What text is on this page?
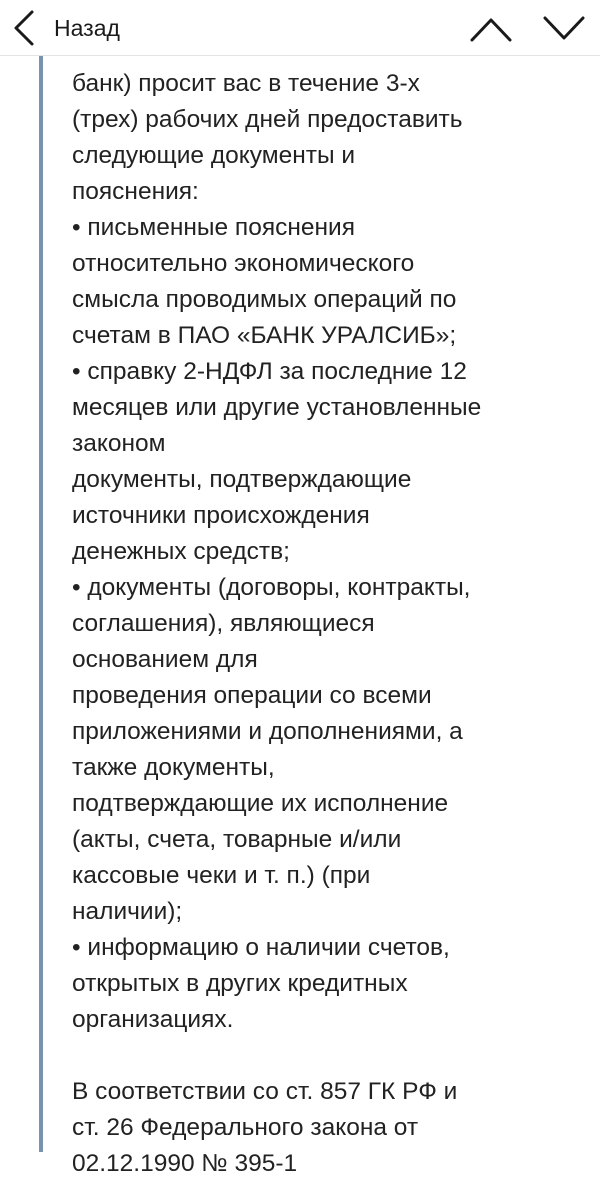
Назад
банк) просит вас в течение 3-х
(трех) рабочих дней предоставить
следующие документы и
пояснения:
• письменные пояснения
относительно экономического
смысла проводимых операций по
счетам в ПАО «БАНК УРАЛСИБ»;
• справку 2-НДФЛ за последние 12
месяцев или другие установленные
законом
документы, подтверждающие
источники происхождения
денежных средств;
• документы (договоры, контракты,
соглашения), являющиеся
основанием для
проведения операции со всеми
приложениями и дополнениями, а
также документы,
подтверждающие их исполнение
(акты, счета, товарные и/или
кассовые чеки и т. п.) (при
наличии);
• информацию о наличии счетов,
открытых в других кредитных
организациях.
В соответствии со ст. 857 ГК РФ и
ст. 26 Федерального закона от
02.12.1990 № 395-1
